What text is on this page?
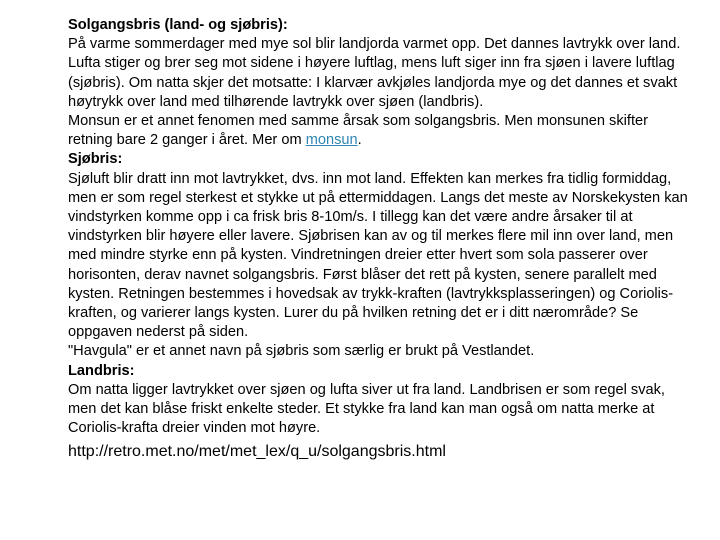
Solgangsbris (land- og sjøbris):

På varme sommerdager med mye sol blir landjorda varmet opp. Det dannes lavtrykk over land. Lufta stiger og brer seg mot sidene i høyere luftlag, mens luft siger inn fra sjøen i lavere luftlag (sjøbris). Om natta skjer det motsatte: I klarvær avkjøles landjorda mye og det dannes et svakt høytrykk over land med tilhørende lavtrykk over sjøen (landbris).

Monsun er et annet fenomen med samme årsak som solgangsbris. Men monsunen skifter retning bare 2 ganger i året. Mer om monsun.

Sjøbris:

Sjøluft blir dratt inn mot lavtrykket, dvs. inn mot land. Effekten kan merkes fra tidlig formiddag, men er som regel sterkest et stykke ut på ettermiddagen. Langs det meste av Norskekysten kan vindstyrken komme opp i ca frisk bris 8-10m/s. I tillegg kan det være andre årsaker til at vindstyrken blir høyere eller lavere. Sjøbrisen kan av og til merkes flere mil inn over land, men med mindre styrke enn på kysten. Vindretningen dreier etter hvert som sola passerer over horisonten, derav navnet solgangsbris. Først blåser det rett på kysten, senere parallelt med kysten. Retningen bestemmes i hovedsak av trykk-kraften (lavtrykksplasseringen) og Coriolis-kraften, og varierer langs kysten. Lurer du på hvilken retning det er i ditt nærområde? Se oppgaven nederst på siden.

"Havgula" er et annet navn på sjøbris som særlig er brukt på Vestlandet.

Landbris:

Om natta ligger lavtrykket over sjøen og lufta siver ut fra land. Landbrisen er som regel svak, men det kan blåse friskt enkelte steder. Et stykke fra land kan man også om natta merke at Coriolis-krafta dreier vinden mot høyre.

http://retro.met.no/met/met_lex/q_u/solgangsbris.html
